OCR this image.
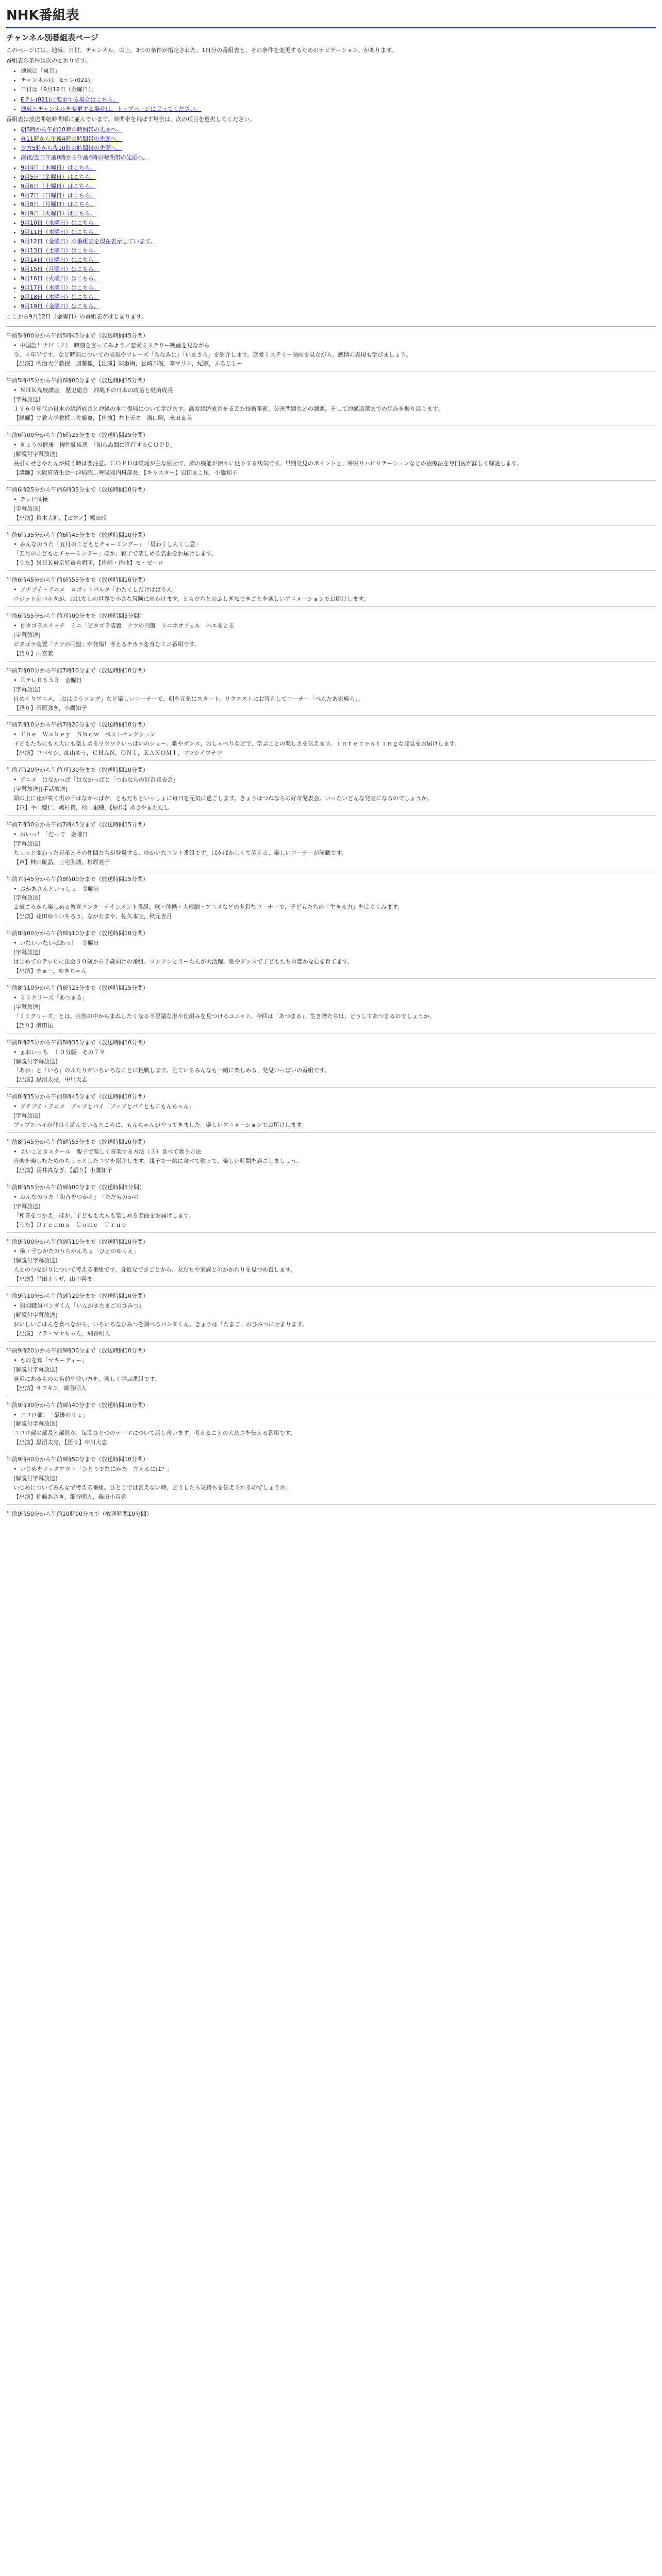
NHK番組表
チャンネル別番組表ページ

このページには、地域、日付、チャンネル、以上、3つの条件が指定された、1日分の番組表と、その条件を変更するためのナビゲーション、があります。

番組表の条件は次のとおりです。

• 地域は「東京」
• チャンネルは「Eテレ(021)」
• 日付は「9月12日（金曜日）」
• Eテレ(021)に変更する場合はこちら。
• 地域とチャンネルを変更する場合は、トップページに戻ってください。

番組表は放送開始時間順に並んでいます。時間帯を飛ばす場合は、次の項目を選択してください。

• 朝5時から午前10時の時間帯の先頭へ。
• 昼11時から午後4時の時間帯の先頭へ。
• 夕方5時から夜10時の時間帯の先頭へ。
• 深夜/翌日午前0時から午前4時の時間帯の先頭へ。
• 9月4日（木曜日）はこちら。
• 9月5日（金曜日）はこちら。
• 9月6日（土曜日）はこちら。
• 9月7日（日曜日）はこちら。
• 9月8日（月曜日）はこちら。
• 9月9日（火曜日）はこちら。
• 9月10日（水曜日）はこちら。
• 9月11日（木曜日）はこちら。
• 9月12日（金曜日）の番組表を現在表示しています。
• 9月13日（土曜日）はこちら。
• 9月14日（日曜日）はこちら。
• 9月15日（月曜日）はこちら。
• 9月16日（火曜日）はこちら。
• 9月17日（水曜日）はこちら。
• 9月18日（木曜日）はこちら。
• 9月19日（金曜日）はこちら。

ここから9月12日（金曜日）の番組表がはじまります。

午前5時00分から午前5時45分まで（放送時間45分間）
• 中国語！ナビ（２）　時刻を言ってみよう／恋愛ミステリー映画を見ながら
今、４年半です。など時刻についての表現やフレーズ「ちなみに」「いまさら」を紹介します。恋愛ミステリー映画を見ながら、感情の表現も学びましょう。
【出演】明治大学教授…加藤徹，【出演】陳淑梅，松崎邦俊，李マリン，紀宗，ふるじしー
午前5時45分から午前6時00分まで（放送時間15分間）
• ＮＨＫ高校講座　歴史総合　沖縄下の日本の政治と経済成長
[字幕放送]
１９６０年代の日本の経済成長と沖縄の本土復帰について学びます。高度経済成長を支えた技術革新、公害問題などの課題、そして沖縄返還までの歩みを振り返ります。
【講師】立教大学教授…佐藤寛，【出演】井上天才　溝口剛，米田直美
午前6時00分から午前6時25分まで（放送時間25分間）
• きょうの健康　慢性肺疾患　「知らぬ間に進行するＣＯＰＤ」
[解説付字幕放送]
長引くせきやたんが続く時は要注意。ＣＯＰＤは喫煙が主な原因で、肺の機能が徐々に低下する病気です。早期発見のポイントと、呼吸リハビリテーションなどの治療法を専門医が詳しく解説します。
【講師】大阪府済生会中津病院…呼吸器内科部長，【キャスター】岩田まこ里，小鷹知子
午前6時25分から午前6時35分まで（放送時間10分間）
• テレビ体操
[字幕放送]
【出演】鈴木大輔，【ピアノ】幅田玲
午前6時35分から午前6時45分まで（放送時間10分間）
• みんなのうた「五月のこどもとチャーミングー」　「星わくしんくし意」
「五月のこどもとチャーミングー」ほか、親子で楽しめる名曲をお届けします。
【うた】ＮＨＫ東京児童合唱団，【作詞・作曲】モ・ゼーロ
午前6時45分から午前6時55分まで（放送時間10分間）
• ブチブチ・アニメ　ロボットパルタ「わたくしだけはぱりん」
ロボットのパルタが、おはなしの世界で小さな冒険に出かけます。ともだちとのふしぎなできごとを楽しいアニメーションでお届けします。
午前6時55分から午前7時00分まで（放送時間5分間）
• ピタゴラスイッチ　ミニ「ピタゴラ装置　ナツの円盤　リニホオフェル　ハエをとる
[字幕放送]
ピタゴラ装置「ナツの円盤」が登場！考えるチカラを育むミニ番組です。
【語り】雨宮兼
午前7時00分から午前7時10分まで（放送時間10分間）
• Ｅテレ０６５５　金曜日
[字幕放送]
日めくりアニメ、「おはようソング」など楽しいコーナーで、朝を元気にスタート。リクエストにお答えしてコーナー「ぺんたあ家族ら」。
【語り】石原弥き，小鷹知子
午前7時10分から午前7時20分まで（放送時間10分間）
• Ｔｈｅ　Ｗａｋｅｙ　Ｓｈｏｗ　ペストセレクション
子どもたちにも大人にも楽しめるワクワクいっぱいのショー。歌やダンス、おしゃべりなどで、学ぶことの楽しさを伝えます。ｉｎｔｅｒｅｓｔｉｎｇな発見をお届けします。
【出演】コバヤシ，高山ゆう，ＣＨＡＮ，ＯＮＩ，ＫＡＮＯＭＩ，マツシイワナツ
午前7時20分から午前7時30分まで（放送時間10分間）
• アニメ　はなかっぱ「はなかっぱと「つねならの好奇発表会」
[字幕放送][手話放送]
頭の上に花が咲く男の子はなかっぱが、ともだちといっしょに毎日を元気に過ごします。きょうはつねならの好奇発表会。いったいどんな発表になるのでしょうか。
【声】平山慶仁，嶋村侑，杉山里穂，【原作】あきやまただし
午前7時30分から午前7時45分まで（放送時間15分間）
• おいっ！「だって　金曜日
[字幕放送]
ちょっと変わった兄弟とその仲間たちが登場する、ゆかいなコント番組です。ばかばかしくて笑える、楽しいコーナーが満載です。
【声】林田暁晶，三宅弘城，杉原亮子
午前7時45分から午前8時00分まで（放送時間15分間）
• おかあさんといっしょ　金曜日
[字幕放送]
２歳ごろから楽しめる教育エンターテインメント番組。歌・体操・人形劇・アニメなどの多彩なコーナーで、子どもたちの「生きる力」をはぐくみます。
【出演】花田ゆういちろう，ながたまや，佐久本宝，秋元杏月
午前8時00分から午前8時10分まで（放送時間10分間）
• いないいないばあっ！　金曜日
[字幕放送]
はじめてのテレビに出会う０歳から２歳向けの番組。ワンワンとうーたんが大活躍。歌やダンスで子どもたちの豊かな心を育てます。
【出演】チョー，ゆきちゃん
午前8時10分から午前8時25分まで（放送時間15分間）
• ミミクリーズ「あつまる」
[字幕放送]
「ミミクリーズ」とは、自然の中からまねしたくなる不思議な形や仕組みを見つけるユニット。今回は「あつまる」。生き物たちは、どうしてあつまるのでしょうか。
【語り】濱田岳
午前8時25分から午前8時35分まで（放送時間10分間）
• ぁおいっち　１０分版　その７９
[解説付字幕放送]
「あお」と「いろ」のふたりがいろいろなことに挑戦します。見ているみんなも一緒に楽しめる、発見いっぱいの番組です。
【出演】黒沼太亮，中川大志
午前8時35分から午前8時45分まで（放送時間10分間）
• ブチブチ・アニメ　ブップとパイ「ブップとパイともにもんちゃん」
[字幕放送]
ブップとパイが仲良く遊んでいるところに、もんちゃんがやってきました。楽しいアニメーションでお届けします。
午前8時45分から午前8時55分まで（放送時間10分間）
• よいこときスクール　親子で楽しく音楽する方法（３）食べて歌う方法
音楽を楽しむためのちょっとしたコツを紹介します。親子で一緒に食べて歌って、楽しい時間を過ごしましょう。
【出演】長井真なぎ，【語り】小鷹知子
午前8時55分から午前9時00分まで（放送時間5分間）
• みんなのうた「和音をつかえ」　「ただものかの
[字幕放送]
「和音をつかえ」ほか、子どもも大人も楽しめる名曲をお届けします。
【うた】Ｄｒｅａｍｓ　Ｃｏｍｅ　Ｔｒｕｅ
午前9時00分から午前9時10分まで（放送時間10分間）
• 節・子ひがたのうらがんちょ「ひとのゆくえ」
[解説付字幕放送]
人とのつながりについて考える番組です。身近なできごとから、友だちや家族とのかかわりを見つめ直します。
【出演】平田オリザ，山中喜ま
午前9時10分から午前9時20分まで（放送時間10分間）
• 服羽職員パンダくん「いんがきたまごのひみつ」
[解説付字幕放送]
おいしいごはんを食べながら、いろいろなひみつを調べるパンダくん。きょうは「たまご」のひみつにせまります。
【出演】フラ・マヤちゃん，細谷明人
午前9時20分から午前9時30分まで（放送時間10分間）
• ものを知「マキーディー」
[解説付字幕放送]
身近にあるものの名前や使い方を、楽しく学ぶ番組です。
【出演】サフキン，細谷明人
午前9時30分から午前9時40分まで（放送時間10分間）
• ココロ部！「最後のりょ」
[解説付字幕放送]
ココロ部の部長と部員が、毎回ひとつのテーマについて話し合います。考えることの大切さを伝える番組です。
【出演】黒沼太亮，【語り】中川大志
午前9時40分から午前9時50分まで（放送時間10分間）
• いじめをノックアウト「ひとりでなにかた　立えるには？」
[解説付字幕放送]
いじめについてみんなで考える番組。ひとりでは言えない時、どうしたら気持ちを伝えられるのでしょうか。
【出演】佐藤あさき，細谷明人，柴田小百合
午前9時50分から午前10時00分まで（放送時間10分間）
